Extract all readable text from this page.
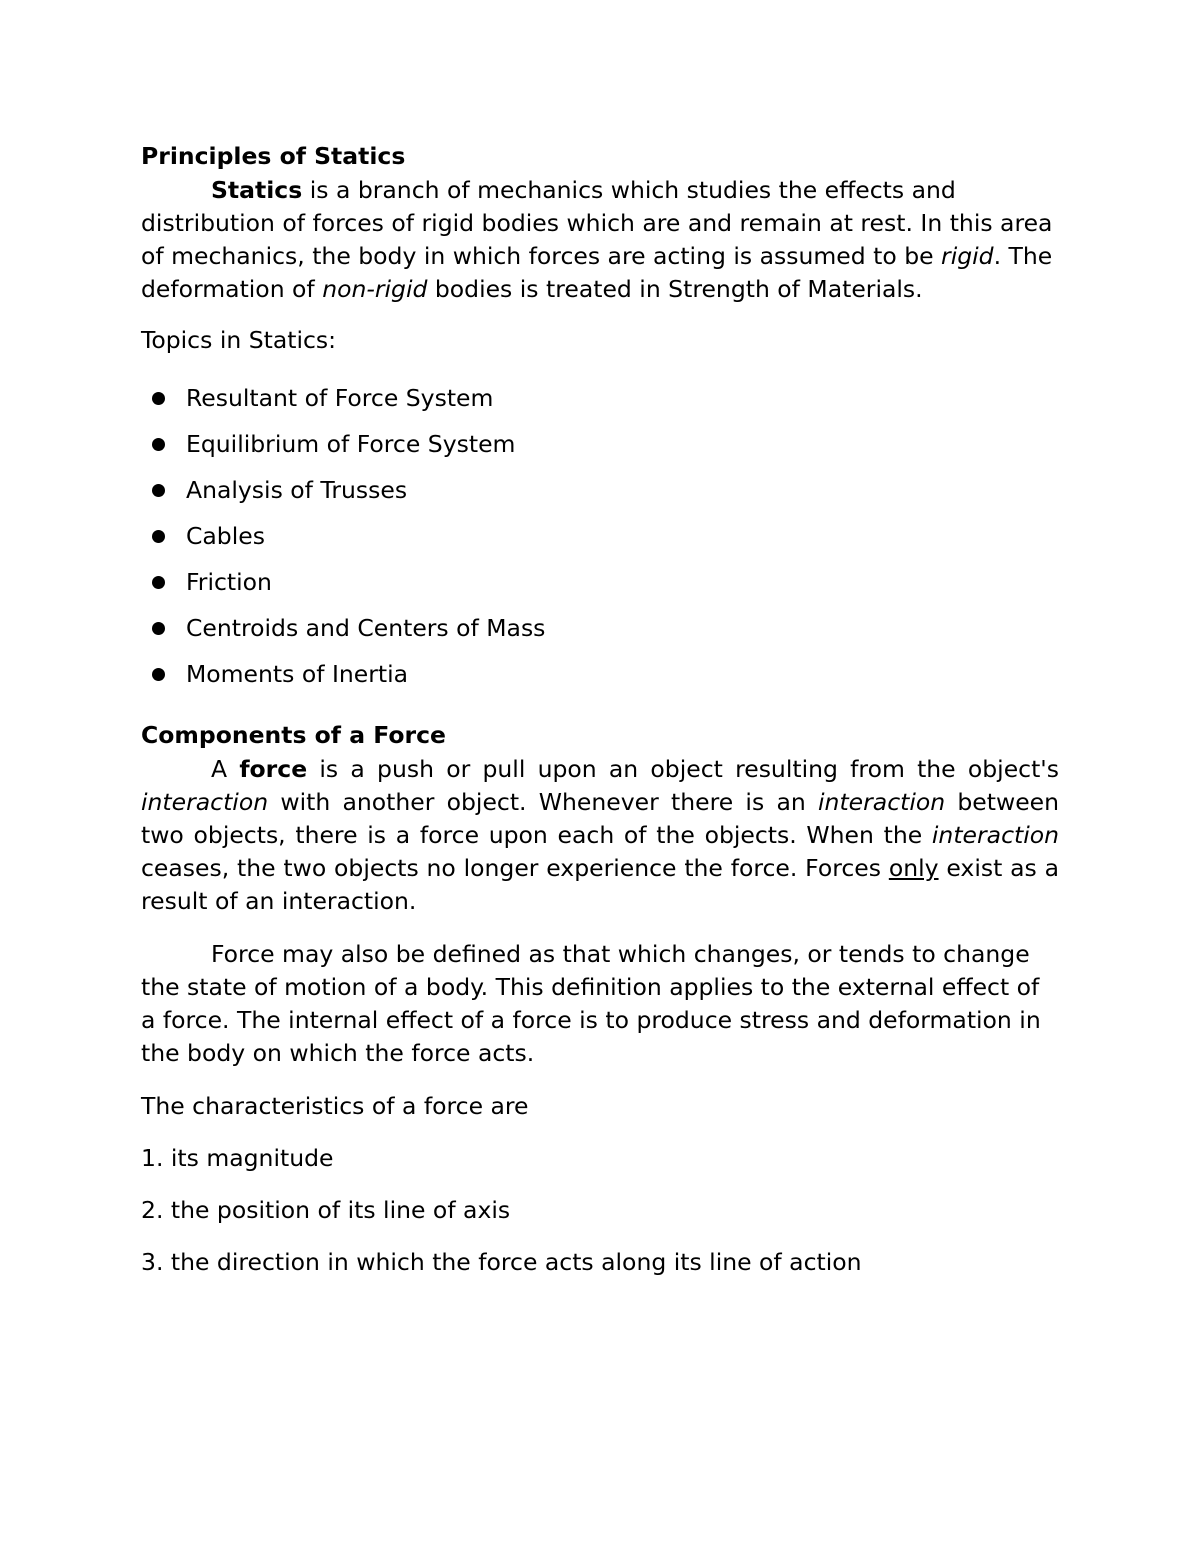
Principles of Statics

Statics is a branch of mechanics which studies the effects and distribution of forces of rigid bodies which are and remain at rest. In this area of mechanics, the body in which forces are acting is assumed to be rigid. The deformation of non-rigid bodies is treated in Strength of Materials.

Topics in Statics:

Resultant of Force System
Equilibrium of Force System
Analysis of Trusses
Cables
Friction
Centroids and Centers of Mass
Moments of Inertia
Components of a Force

A force is a push or pull upon an object resulting from the object's interaction with another object. Whenever there is an interaction between two objects, there is a force upon each of the objects. When the interaction ceases, the two objects no longer experience the force. Forces only exist as a result of an interaction.

Force may also be defined as that which changes, or tends to change the state of motion of a body. This definition applies to the external effect of a force. The internal effect of a force is to produce stress and deformation in the body on which the force acts.

The characteristics of a force are

1. its magnitude

2. the position of its line of axis

3. the direction in which the force acts along its line of action
